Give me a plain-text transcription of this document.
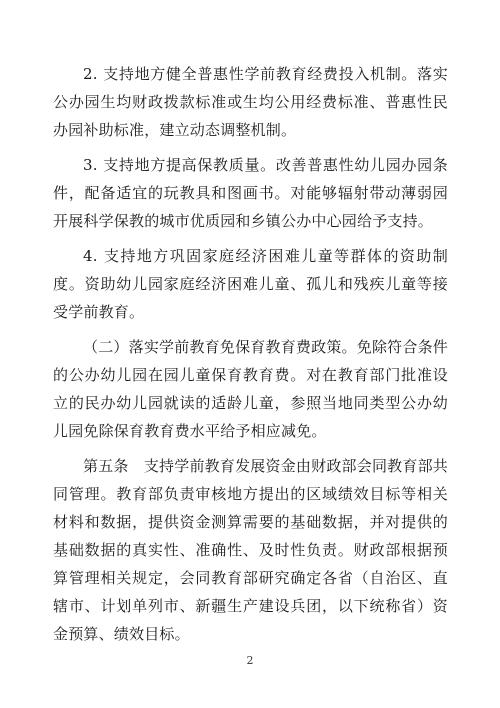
2. 支持地方健全普惠性学前教育经费投入机制。落实公办园生均财政拨款标准或生均公用经费标准、普惠性民办园补助标准，建立动态调整机制。

3. 支持地方提高保教质量。改善普惠性幼儿园办园条件，配备适宜的玩教具和图画书。对能够辐射带动薄弱园开展科学保教的城市优质园和乡镇公办中心园给予支持。

4. 支持地方巩固家庭经济困难儿童等群体的资助制度。资助幼儿园家庭经济困难儿童、孤儿和残疾儿童等接受学前教育。

（二）落实学前教育免保育教育费政策。免除符合条件的公办幼儿园在园儿童保育教育费。对在教育部门批准设立的民办幼儿园就读的适龄儿童，参照当地同类型公办幼儿园免除保育教育费水平给予相应减免。

第五条　支持学前教育发展资金由财政部会同教育部共同管理。教育部负责审核地方提出的区域绩效目标等相关材料和数据，提供资金测算需要的基础数据，并对提供的基础数据的真实性、准确性、及时性负责。财政部根据预算管理相关规定，会同教育部研究确定各省（自治区、直辖市、计划单列市、新疆生产建设兵团，以下统称省）资金预算、绩效目标。

2
